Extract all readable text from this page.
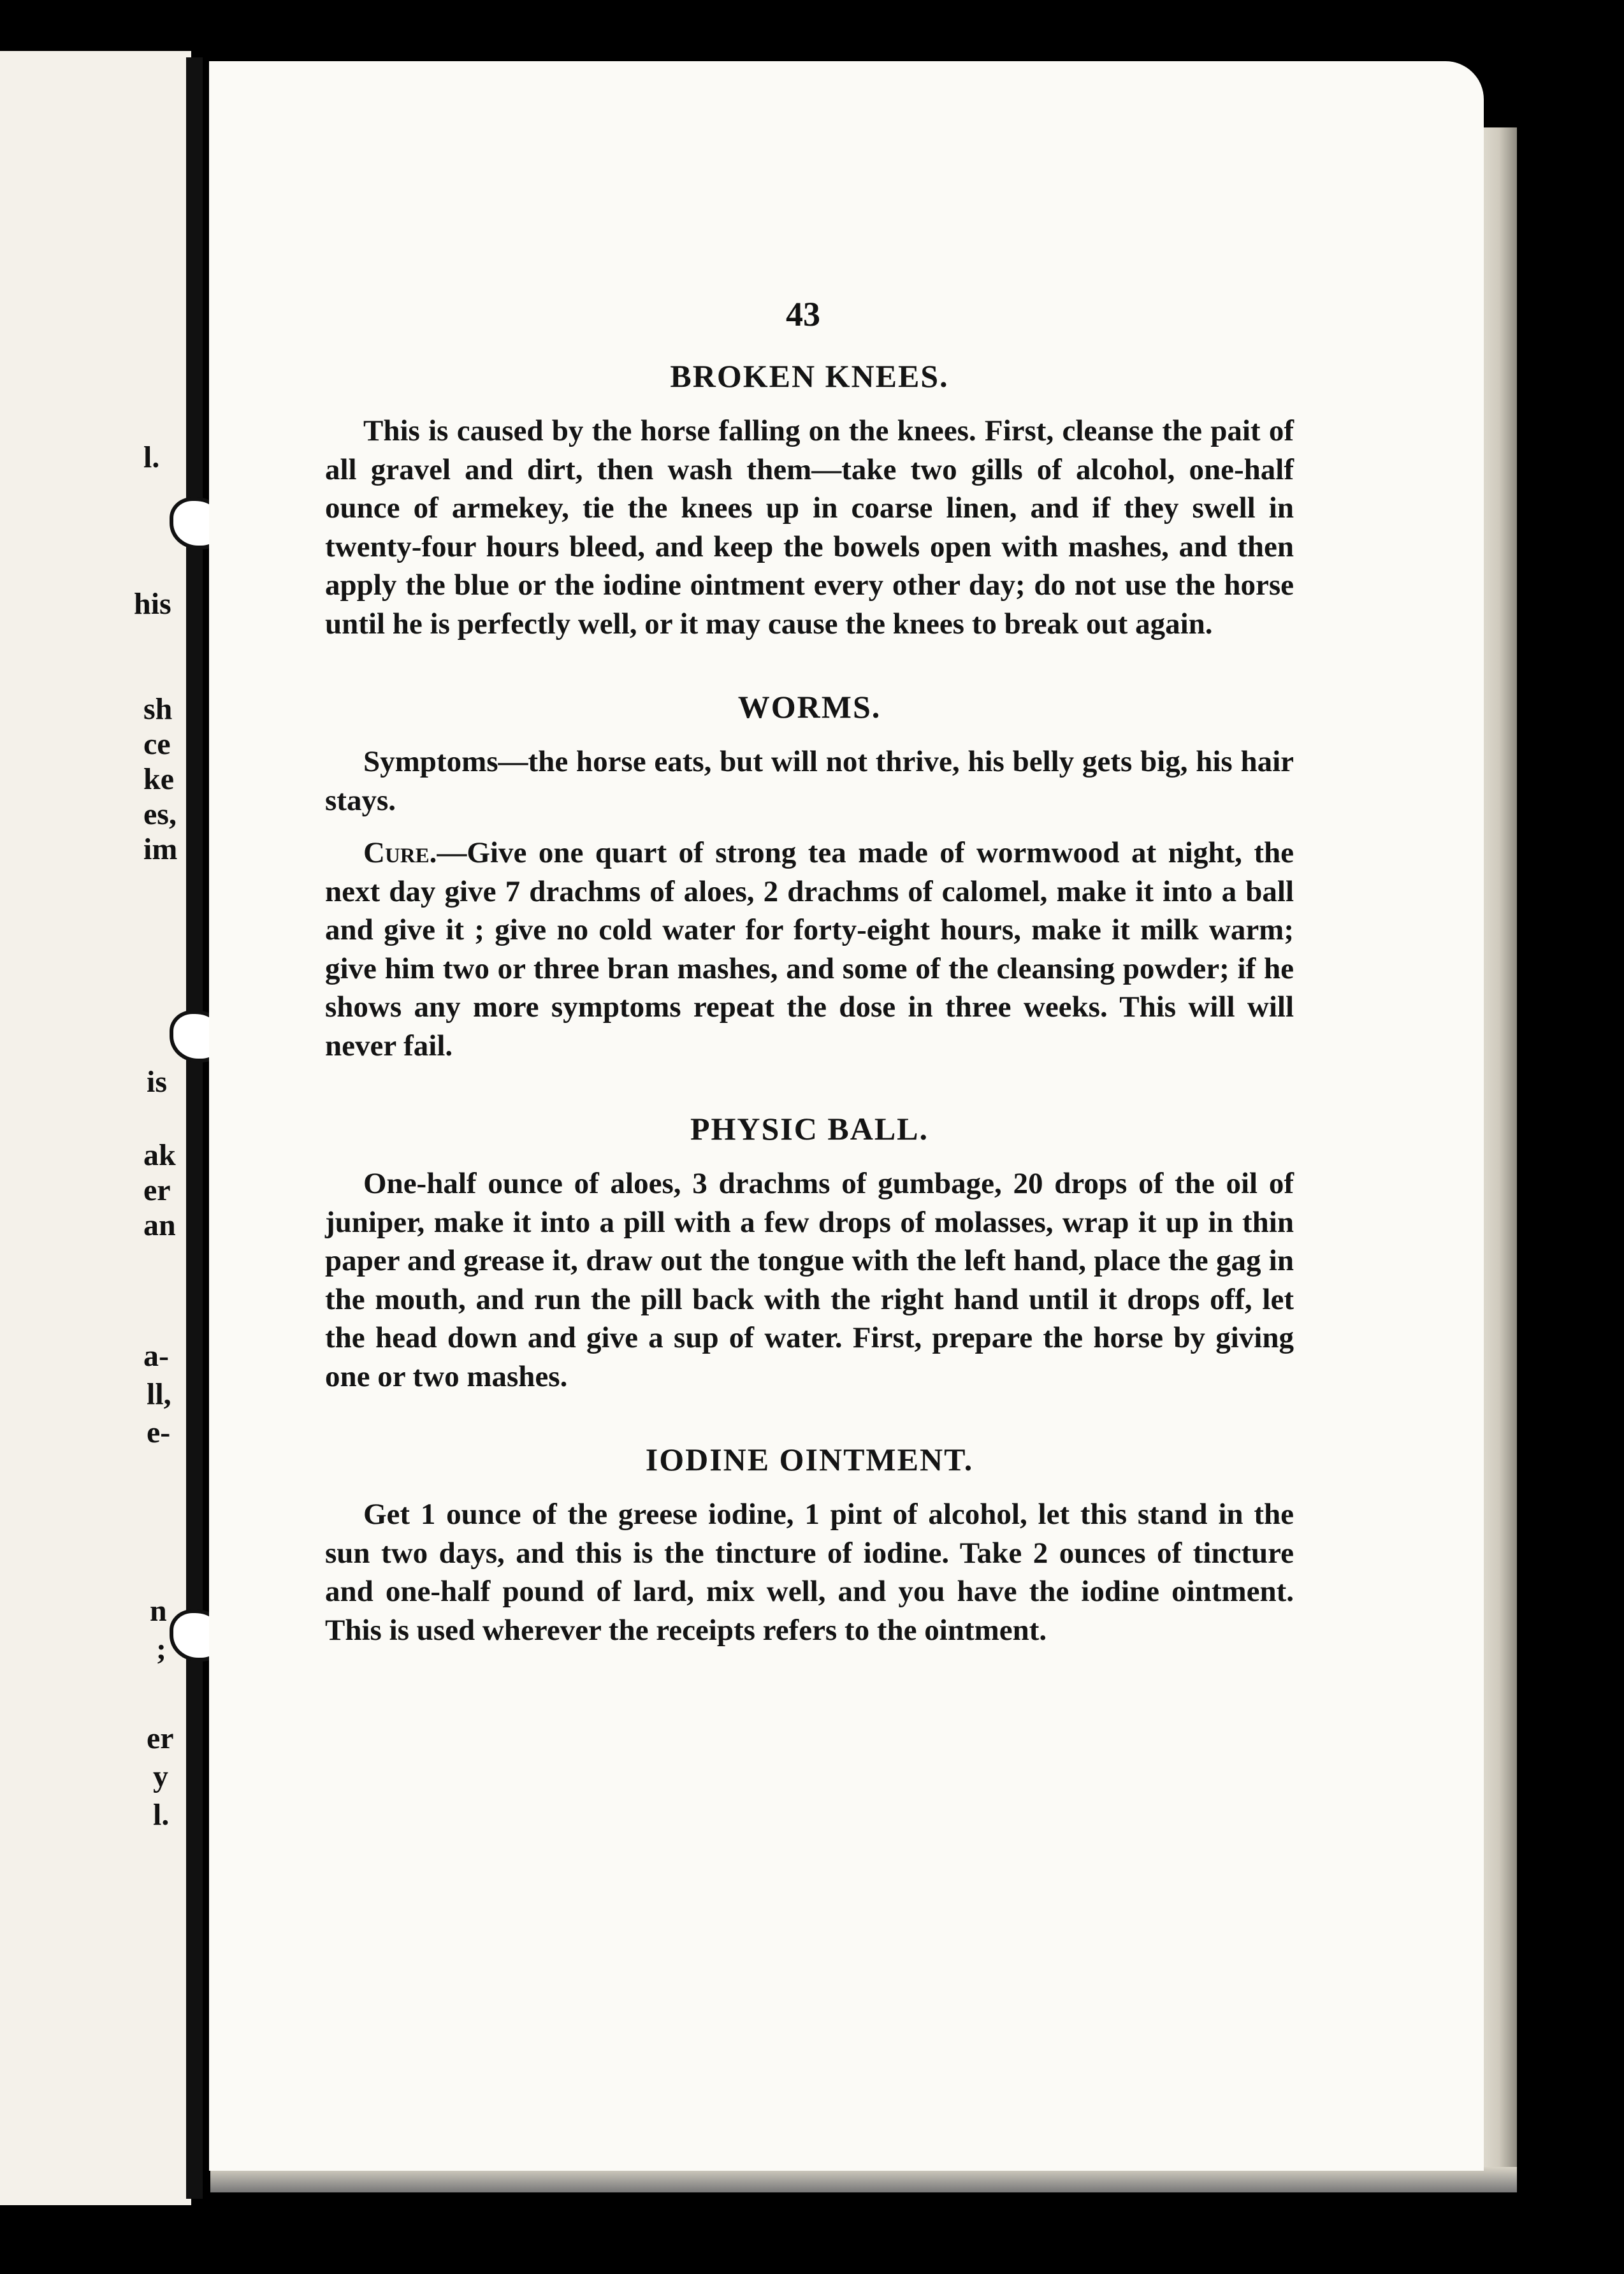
l.
his
sh
ce
ke
es,
im
is
ak
er
an
a-
ll,
e-
n
;
er
y
l.
43
BROKEN KNEES.

This is caused by the horse falling on the knees. First, cleanse the pait of all gravel and dirt, then wash them—take two gills of alcohol, one-half ounce of armekey, tie the knees up in coarse linen, and if they swell in twenty-four hours bleed, and keep the bowels open with mashes, and then apply the blue or the iodine ointment every other day; do not use the horse until he is perfectly well, or it may cause the knees to break out again.

WORMS.

Symptoms—the horse eats, but will not thrive, his belly gets big, his hair stays.

Cure.—Give one quart of strong tea made of wormwood at night, the next day give 7 drachms of aloes, 2 drachms of calomel, make it into a ball and give it ; give no cold water for forty-eight hours, make it milk warm; give him two or three bran mashes, and some of the cleansing powder; if he shows any more symptoms repeat the dose in three weeks. This will will never fail.

PHYSIC BALL.

One-half ounce of aloes, 3 drachms of gumbage, 20 drops of the oil of juniper, make it into a pill with a few drops of molasses, wrap it up in thin paper and grease it, draw out the tongue with the left hand, place the gag in the mouth, and run the pill back with the right hand until it drops off, let the head down and give a sup of water. First, prepare the horse by giving one or two mashes.

IODINE OINTMENT.

Get 1 ounce of the greese iodine, 1 pint of alcohol, let this stand in the sun two days, and this is the tincture of iodine. Take 2 ounces of tincture and one-half pound of lard, mix well, and you have the iodine ointment. This is used wherever the receipts refers to the ointment.
